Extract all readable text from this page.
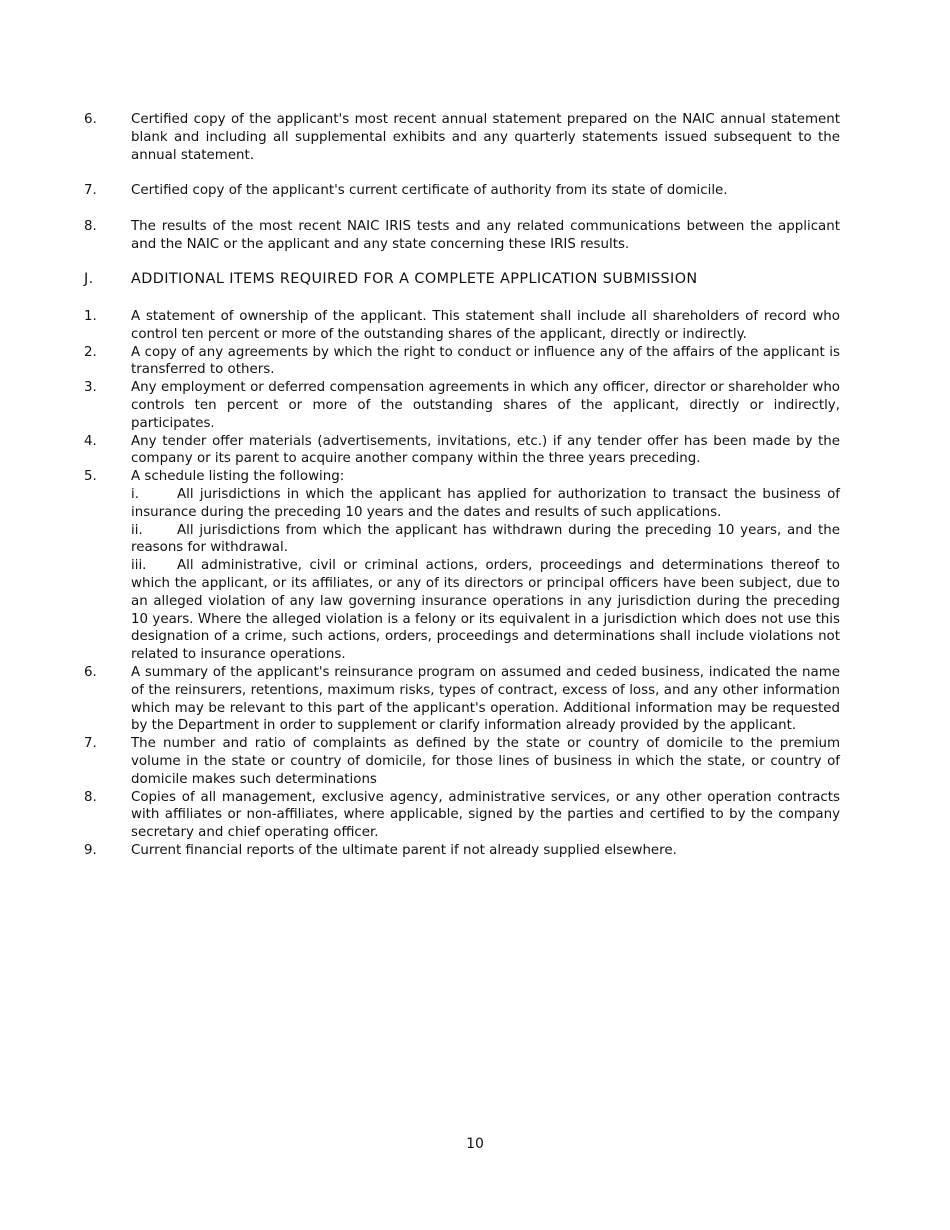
6.	Certified copy of the applicant's most recent annual statement prepared on the NAIC annual statement blank and including all supplemental exhibits and any quarterly statements issued subsequent to the annual statement.
7.	Certified copy of the applicant's current certificate of authority from its state of domicile.
8.	The results of the most recent NAIC IRIS tests and any related communications between the applicant and the NAIC or the applicant and any state concerning these IRIS results.
J.	ADDITIONAL ITEMS REQUIRED FOR A COMPLETE APPLICATION SUBMISSION
1.	A statement of ownership of the applicant. This statement shall include all shareholders of record who control ten percent or more of the outstanding shares of the applicant, directly or indirectly.
2.	A copy of any agreements by which the right to conduct or influence any of the affairs of the applicant is transferred to others.
3.	Any employment or deferred compensation agreements in which any officer, director or shareholder who controls ten percent or more of the outstanding shares of the applicant, directly or indirectly, participates.
4.	Any tender offer materials (advertisements, invitations, etc.) if any tender offer has been made by the company or its parent to acquire another company within the three years preceding.
5.	A schedule listing the following:
i.	All jurisdictions in which the applicant has applied for authorization to transact the business of insurance during the preceding 10 years and the dates and results of such applications.
ii.	All jurisdictions from which the applicant has withdrawn during the preceding 10 years, and the reasons for withdrawal.
iii. All administrative, civil or criminal actions, orders, proceedings and determinations thereof to which the applicant, or its affiliates, or any of its directors or principal officers have been subject, due to an alleged violation of any law governing insurance operations in any jurisdiction during the preceding 10 years. Where the alleged violation is a felony or its equivalent in a jurisdiction which does not use this designation of a crime, such actions, orders, proceedings and determinations shall include violations not related to insurance operations.
6.	A summary of the applicant's reinsurance program on assumed and ceded business, indicated the name of the reinsurers, retentions, maximum risks, types of contract, excess of loss, and any other information which may be relevant to this part of the applicant's operation. Additional information may be requested by the Department in order to supplement or clarify information already provided by the applicant.
7.	The number and ratio of complaints as defined by the state or country of domicile to the premium volume in the state or country of domicile, for those lines of business in which the state, or country of domicile makes such determinations
8.	Copies of all management, exclusive agency, administrative services, or any other operation contracts with affiliates or non-affiliates, where applicable, signed by the parties and certified to by the company secretary and chief operating officer.
9.	Current financial reports of the ultimate parent if not already supplied elsewhere.
10
